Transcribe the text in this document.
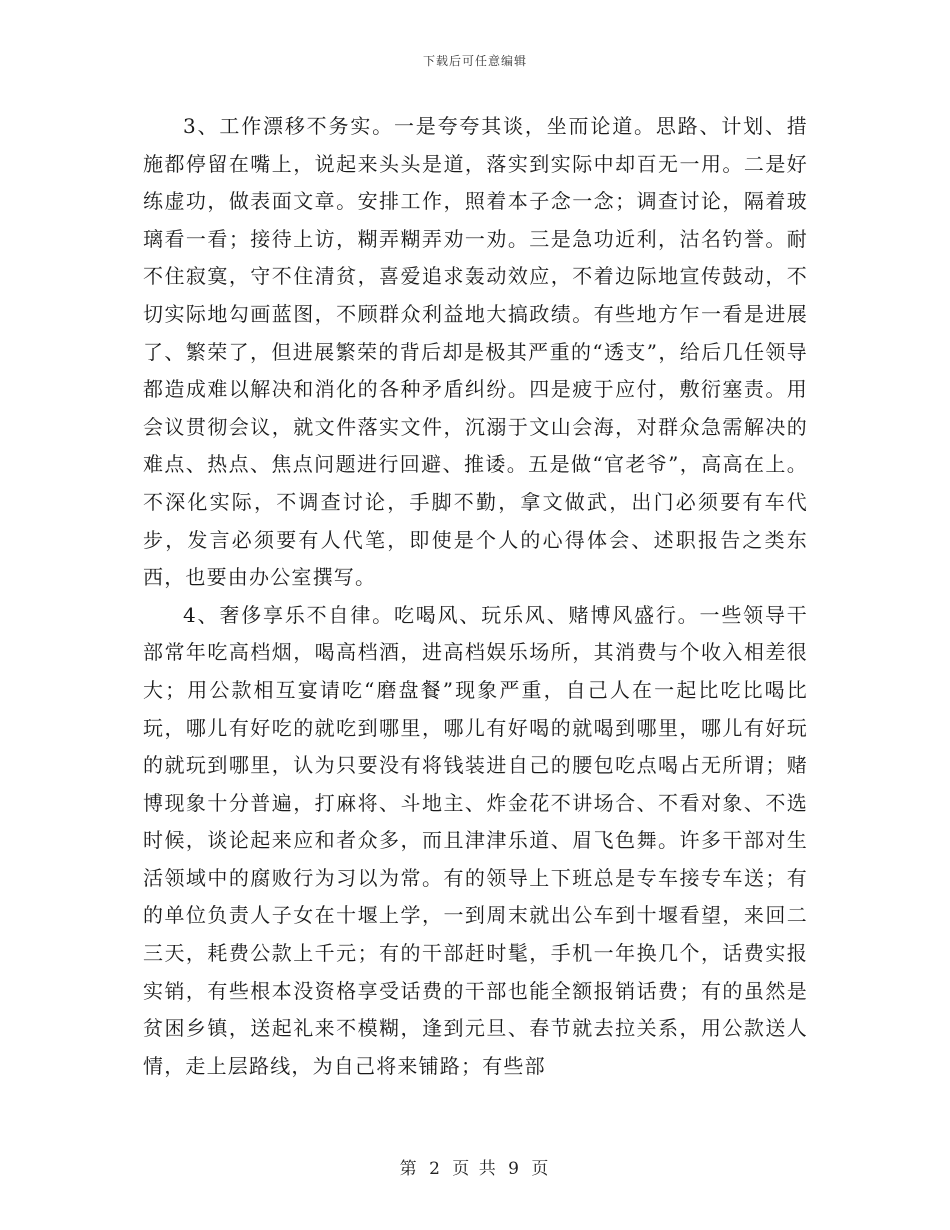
下载后可任意编辑

3、工作漂移不务实。一是夸夸其谈，坐而论道。思路、计划、措施都停留在嘴上，说起来头头是道，落实到实际中却百无一用。二是好练虚功，做表面文章。安排工作，照着本子念一念；调查讨论，隔着玻璃看一看；接待上访，糊弄糊弄劝一劝。三是急功近利，沽名钓誉。耐不住寂寞，守不住清贫，喜爱追求轰动效应，不着边际地宣传鼓动，不切实际地勾画蓝图，不顾群众利益地大搞政绩。有些地方乍一看是进展了、繁荣了，但进展繁荣的背后却是极其严重的“透支”，给后几任领导都造成难以解决和消化的各种矛盾纠纷。四是疲于应付，敷衍塞责。用会议贯彻会议，就文件落实文件，沉溺于文山会海，对群众急需解决的难点、热点、焦点问题进行回避、推诿。五是做“官老爷”，高高在上。不深化实际，不调查讨论，手脚不勤，拿文做武，出门必须要有车代步，发言必须要有人代笔，即使是个人的心得体会、述职报告之类东西，也要由办公室撰写。

4、奢侈享乐不自律。吃喝风、玩乐风、赌博风盛行。一些领导干部常年吃高档烟，喝高档酒，进高档娱乐场所，其消费与个收入相差很大；用公款相互宴请吃“磨盘餐”现象严重，自己人在一起比吃比喝比玩，哪儿有好吃的就吃到哪里，哪儿有好喝的就喝到哪里，哪儿有好玩的就玩到哪里，认为只要没有将钱装进自己的腰包吃点喝占无所谓；赌博现象十分普遍，打麻将、斗地主、炸金花不讲场合、不看对象、不选时候，谈论起来应和者众多，而且津津乐道、眉飞色舞。许多干部对生活领域中的腐败行为习以为常。有的领导上下班总是专车接专车送；有的单位负责人子女在十堰上学，一到周末就出公车到十堰看望，来回二三天，耗费公款上千元；有的干部赶时髦，手机一年换几个，话费实报实销，有些根本没资格享受话费的干部也能全额报销话费；有的虽然是贫困乡镇，送起礼来不模糊，逢到元旦、春节就去拉关系，用公款送人情，走上层路线，为自己将来铺路；有些部

第 2 页 共 9 页
